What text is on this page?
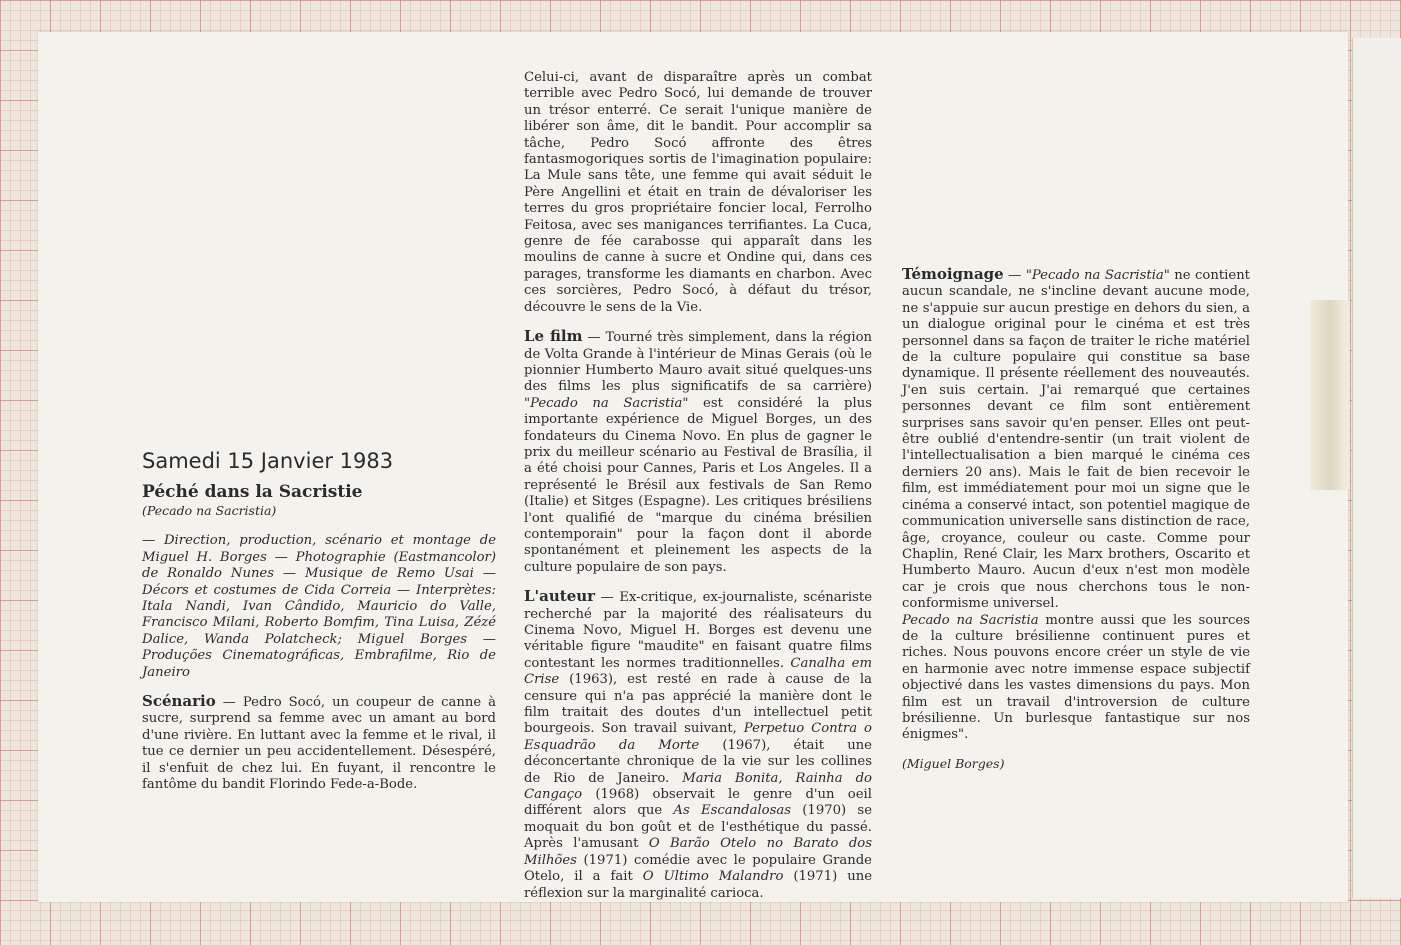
Samedi 15 Janvier 1983
Péché dans la Sacristie
(Pecado na Sacristia)

— Direction, production, scénario et montage de Miguel H. Borges — Photographie (Eastmancolor) de Ronaldo Nunes — Musique de Remo Usai — Décors et costumes de Cida Correia — Interprètes: Itala Nandi, Ivan Cândido, Mauricio do Valle, Francisco Milani, Roberto Bomfim, Tina Luisa, Zézé Dalice, Wanda Polatcheck; Miguel Borges — Produções Cinematográficas, Embrafilme, Rio de Janeiro

Scénario — Pedro Socó, un coupeur de canne à sucre, surprend sa femme avec un amant au bord d'une rivière. En luttant avec la femme et le rival, il tue ce dernier un peu accidentellement. Désespéré, il s'enfuit de chez lui. En fuyant, il rencontre le fantôme du bandit Florindo Fede-a-Bode.

Celui-ci, avant de disparaître après un combat terrible avec Pedro Socó, lui demande de trouver un trésor enterré. Ce serait l'unique manière de libérer son âme, dit le bandit. Pour accomplir sa tâche, Pedro Socó affronte des êtres fantasmogoriques sortis de l'imagination populaire: La Mule sans tête, une femme qui avait séduit le Père Angellini et était en train de dévaloriser les terres du gros propriétaire foncier local, Ferrolho Feitosa, avec ses manigances terrifiantes. La Cuca, genre de fée carabosse qui apparaît dans les moulins de canne à sucre et Ondine qui, dans ces parages, transforme les diamants en charbon. Avec ces sorcières, Pedro Socó, à défaut du trésor, découvre le sens de la Vie.

Le film — Tourné très simplement, dans la région de Volta Grande à l'intérieur de Minas Gerais (où le pionnier Humberto Mauro avait situé quelques-uns des films les plus significatifs de sa carrière) "Pecado na Sacristia" est considéré la plus importante expérience de Miguel Borges, un des fondateurs du Cinema Novo. En plus de gagner le prix du meilleur scénario au Festival de Brasília, il a été choisi pour Cannes, Paris et Los Angeles. Il a représenté le Brésil aux festivals de San Remo (Italie) et Sitges (Espagne). Les critiques brésiliens l'ont qualifié de "marque du cinéma brésilien contemporain" pour la façon dont il aborde spontanément et pleinement les aspects de la culture populaire de son pays.

L'auteur — Ex-critique, ex-journaliste, scénariste recherché par la majorité des réalisateurs du Cinema Novo, Miguel H. Borges est devenu une véritable figure "maudite" en faisant quatre films contestant les normes traditionnelles. Canalha em Crise (1963), est resté en rade à cause de la censure qui n'a pas apprécié la manière dont le film traitait des doutes d'un intellectuel petit bourgeois. Son travail suivant, Perpetuo Contra o Esquadrão da Morte (1967), était une déconcertante chronique de la vie sur les collines de Rio de Janeiro. Maria Bonita, Rainha do Cangaço (1968) observait le genre d'un oeil différent alors que As Escandalosas (1970) se moquait du bon goût et de l'esthétique du passé. Après l'amusant O Barão Otelo no Barato dos Milhões (1971) comédie avec le populaire Grande Otelo, il a fait O Ultimo Malandro (1971) une réflexion sur la marginalité carioca.

Témoignage — "Pecado na Sacristia" ne contient aucun scandale, ne s'incline devant aucune mode, ne s'appuie sur aucun prestige en dehors du sien, a un dialogue original pour le cinéma et est très personnel dans sa façon de traiter le riche matériel de la culture populaire qui constitue sa base dynamique. Il présente réellement des nouveautés. J'en suis certain. J'ai remarqué que certaines personnes devant ce film sont entièrement surprises sans savoir qu'en penser. Elles ont peut-être oublié d'entendre-sentir (un trait violent de l'intellectualisation a bien marqué le cinéma ces derniers 20 ans). Mais le fait de bien recevoir le film, est immédiatement pour moi un signe que le cinéma a conservé intact, son potentiel magique de communication universelle sans distinction de race, âge, croyance, couleur ou caste. Comme pour Chaplin, René Clair, les Marx brothers, Oscarito et Humberto Mauro. Aucun d'eux n'est mon modèle car je crois que nous cherchons tous le non-conformisme universel.

Pecado na Sacristia montre aussi que les sources de la culture brésilienne continuent pures et riches. Nous pouvons encore créer un style de vie en harmonie avec notre immense espace subjectif objectivé dans les vastes dimensions du pays. Mon film est un travail d'introversion de culture brésilienne. Un burlesque fantastique sur nos énigmes".

(Miguel Borges)
